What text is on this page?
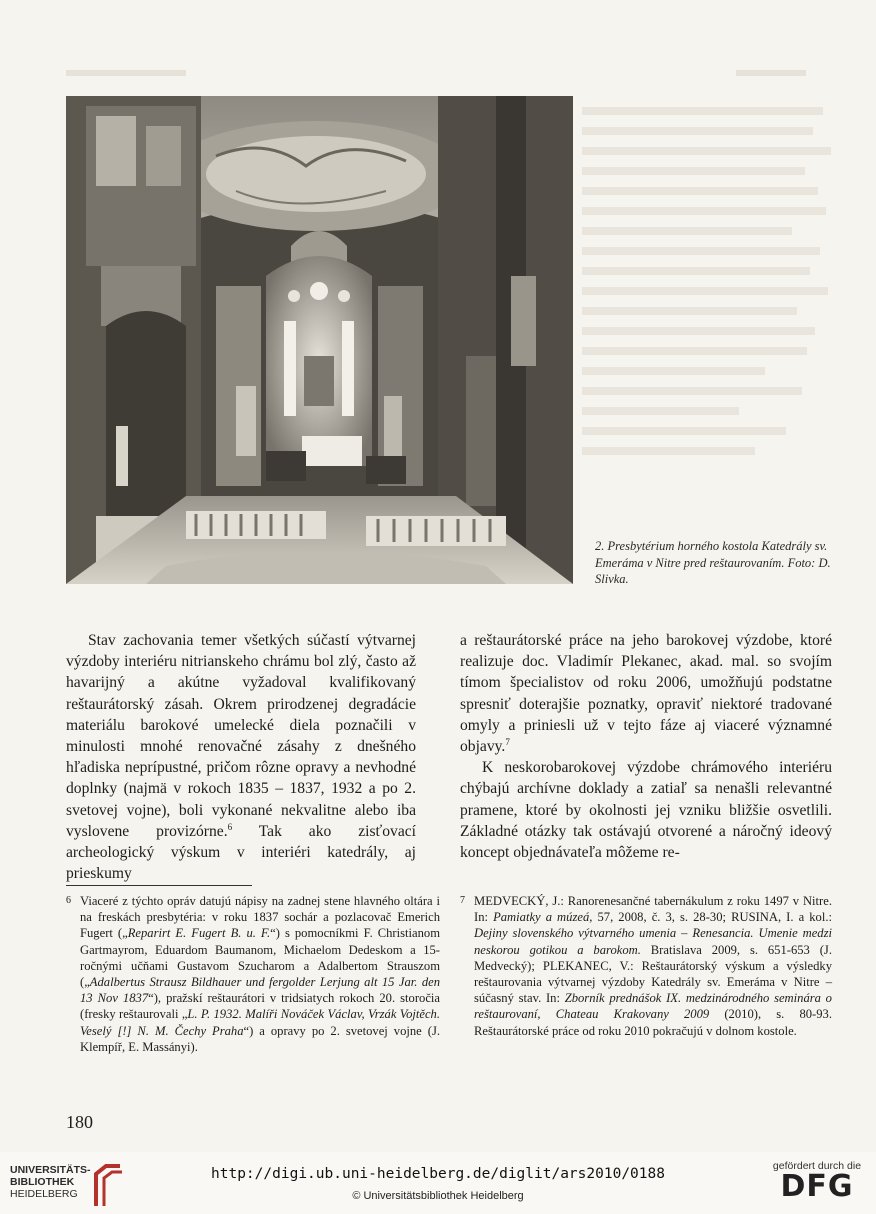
2. Presbytérium horného kostola Katedrály sv. Emeráma v Nitre pred reštaurovaním. Foto: D. Slivka.

Stav zachovania temer všetkých súčastí výtvarnej výzdoby interiéru nitrianskeho chrámu bol zlý, často až havarijný a akútne vyžadoval kvalifikovaný reštaurátorský zásah. Okrem prirodzenej degradácie materiálu barokové umelecké diela poznačili v minulosti mnohé renovačné zásahy z dnešného hľadiska neprípustné, pričom rôzne opravy a nevhodné doplnky (najmä v rokoch 1835 – 1837, 1932 a po 2. svetovej vojne), boli vykonané nekvalitne alebo iba vyslovene provizórne.$^6$ Tak ako zisťovací archeologický výskum v interiéri katedrály, aj prieskumy

a reštaurátorské práce na jeho barokovej výzdobe, ktoré realizuje doc. Vladimír Plekanec, akad. mal. so svojím tímom špecialistov od roku 2006, umožňujú podstatne spresniť doterajšie poznatky, opraviť niektoré tradované omyly a priniesli už v tejto fáze aj viaceré významné objavy.$^7$

K neskorobarokovej výzdobe chrámového interiéru chýbajú archívne doklady a zatiaľ sa nenašli relevantné pramene, ktoré by okolnosti jej vzniku bližšie osvetlili. Základné otázky tak ostávajú otvorené a náročný ideový koncept objednávateľa môžeme re-

6 Viaceré z týchto opráv datujú nápisy na zadnej stene hlavného oltára i na freskách presbytéria: v roku 1837 sochár a pozlacovač Emerich Fugert („Reparirt E. Fugert B. u. F.“) s pomocníkmi F. Christianom Gartmayrom, Eduardom Baumanom, Michaelom Dedeskom a 15-ročnými učňami Gustavom Szucharom a Adalbertom Strauszom („Adalbertus Strausz Bildhauer und fergolder Lerjung alt 15 Jar. den 13 Nov 1837“), pražskí reštaurátori v tridsiatych rokoch 20. storočia (fresky reštaurovali „L. P. 1932. Malíři Nováček Václav, Vrzák Vojtěch. Veselý [!] N. M. Čechy Praha“) a opravy po 2. svetovej vojne (J. Klempíř, E. Massányi).
7 MEDVECKÝ, J.: Ranorenesančné tabernákulum z roku 1497 v Nitre. In: Pamiatky a múzeá, 57, 2008, č. 3, s. 28-30; RUSINA, I. a kol.: Dejiny slovenského výtvarného umenia – Renesancia. Umenie medzi neskorou gotikou a barokom. Bratislava 2009, s. 651-653 (J. Medvecký); PLEKANEC, V.: Reštaurátorský výskum a výsledky reštaurovania výtvarnej výzdoby Katedrály sv. Emeráma v Nitre – súčasný stav. In: Zborník prednášok IX. medzinárodného seminára o reštaurovaní, Chateau Krakovany 2009 (2010), s. 80-93. Reštaurátorské práce od roku 2010 pokračujú v dolnom kostole.
180
UNIVERSITÄTS-
BIBLIOTHEK
HEIDELBERG
http://digi.ub.uni-heidelberg.de/diglit/ars2010/0188
© Universitätsbibliothek Heidelberg
gefördert durch die
DFG
